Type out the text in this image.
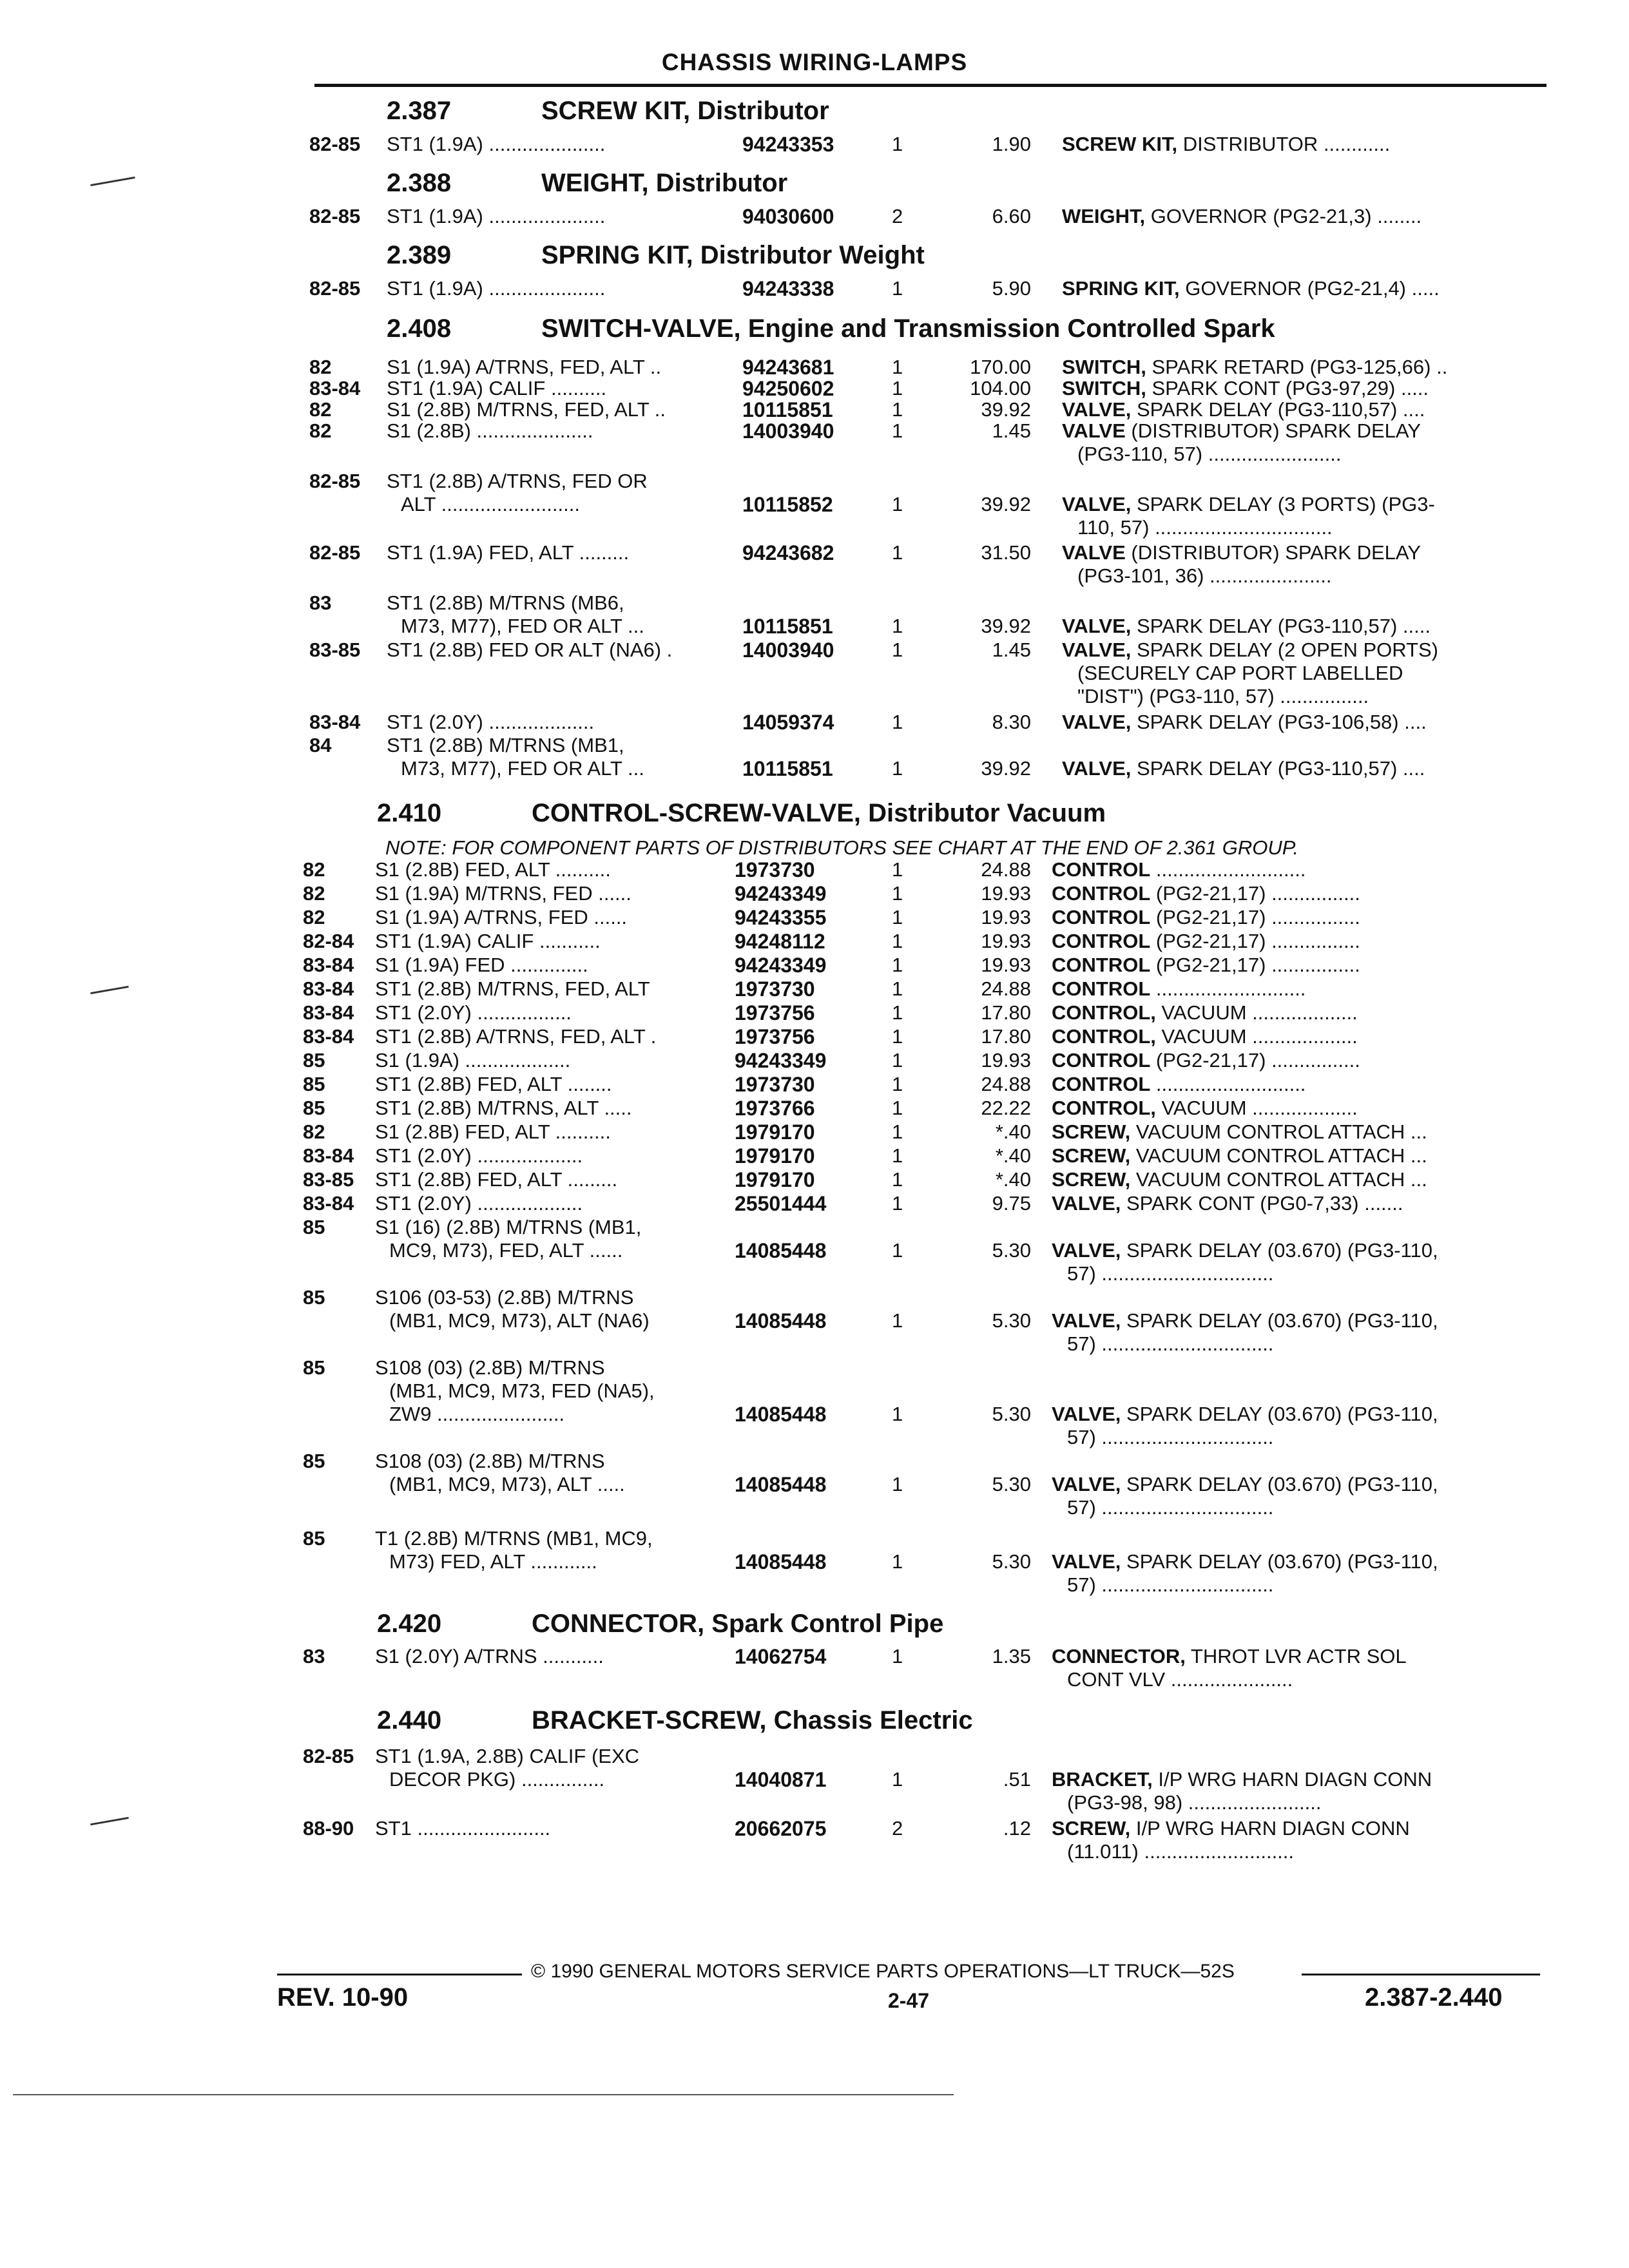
CHASSIS WIRING-LAMPS
2.387	SCREW KIT, Distributor
82-85 ST1 (1.9A) .....................	94243353	1	1.90 SCREW KIT, DISTRIBUTOR ............
2.388	WEIGHT, Distributor
82-85 ST1 (1.9A) .....................	94030600	2	6.60 WEIGHT, GOVERNOR (PG2-21,3) ........
2.389	SPRING KIT, Distributor Weight
82-85 ST1 (1.9A) .....................	94243338	1	5.90 SPRING KIT, GOVERNOR (PG2-21,4) .....
2.408	SWITCH-VALVE, Engine and Transmission Controlled Spark
82	S1 (1.9A) A/TRNS, FED, ALT ..	94243681	1	170.00 SWITCH, SPARK RETARD (PG3-125,66) ..
83-84 ST1 (1.9A) CALIF ..........	94250602	1	104.00 SWITCH, SPARK CONT (PG3-97,29) .....
82	S1 (2.8B) M/TRNS, FED, ALT ..	10115851	1	39.92 VALVE, SPARK DELAY (PG3-110,57) ....
82	S1 (2.8B) .....................	14003940	1	1.45 VALVE (DISTRIBUTOR) SPARK DELAY
(PG3-110, 57) ........................
82-85 ST1 (2.8B) A/TRNS, FED OR
ALT .........................	10115852	1	39.92 VALVE, SPARK DELAY (3 PORTS) (PG3-
110, 57) ................................
82-85 ST1 (1.9A) FED, ALT .........	94243682	1	31.50 VALVE (DISTRIBUTOR) SPARK DELAY
(PG3-101, 36) ......................
83	ST1 (2.8B) M/TRNS (MB6,
M73, M77), FED OR ALT ...	10115851	1	39.92 VALVE, SPARK DELAY (PG3-110,57) .....
83-85 ST1 (2.8B) FED OR ALT (NA6) .	14003940	1	1.45 VALVE, SPARK DELAY (2 OPEN PORTS)
(SECURELY CAP PORT LABELLED
"DIST") (PG3-110, 57) ................
83-84 ST1 (2.0Y) ...................	14059374	1	8.30 VALVE, SPARK DELAY (PG3-106,58) ....
84	ST1 (2.8B) M/TRNS (MB1,
M73, M77), FED OR ALT ...	10115851	1	39.92 VALVE, SPARK DELAY (PG3-110,57) ....
2.410	CONTROL-SCREW-VALVE, Distributor Vacuum
NOTE: FOR COMPONENT PARTS OF DISTRIBUTORS SEE CHART AT THE END OF 2.361 GROUP.
82	S1 (2.8B) FED, ALT ..........	1973730	1	24.88 CONTROL ...........................
82	S1 (1.9A) M/TRNS, FED ......	94243349	1	19.93 CONTROL (PG2-21,17) ................
82	S1 (1.9A) A/TRNS, FED ......	94243355	1	19.93 CONTROL (PG2-21,17) ................
82-84 ST1 (1.9A) CALIF ...........	94248112	1	19.93 CONTROL (PG2-21,17) ................
83-84 S1 (1.9A) FED ..............	94243349	1	19.93 CONTROL (PG2-21,17) ................
83-84 ST1 (2.8B) M/TRNS, FED, ALT	1973730	1	24.88 CONTROL ...........................
83-84 ST1 (2.0Y) .................	1973756	1	17.80 CONTROL, VACUUM ...................
83-84 ST1 (2.8B) A/TRNS, FED, ALT .	1973756	1	17.80 CONTROL, VACUUM ...................
85	S1 (1.9A) ...................	94243349	1	19.93 CONTROL (PG2-21,17) ................
85	ST1 (2.8B) FED, ALT ........	1973730	1	24.88 CONTROL ...........................
85	ST1 (2.8B) M/TRNS, ALT .....	1973766	1	22.22 CONTROL, VACUUM ...................
82	S1 (2.8B) FED, ALT ..........	1979170	1	*.40 SCREW, VACUUM CONTROL ATTACH ...
83-84 ST1 (2.0Y) ...................	1979170	1	*.40 SCREW, VACUUM CONTROL ATTACH ...
83-85 ST1 (2.8B) FED, ALT .........	1979170	1	*.40 SCREW, VACUUM CONTROL ATTACH ...
83-84 ST1 (2.0Y) ...................	25501444	1	9.75 VALVE, SPARK CONT (PG0-7,33) .......
85	S1 (16) (2.8B) M/TRNS (MB1,
MC9, M73), FED, ALT ......	14085448	1	5.30 VALVE, SPARK DELAY (03.670) (PG3-110,
57) ...............................
85	S106 (03-53) (2.8B) M/TRNS
(MB1, MC9, M73), ALT (NA6)	14085448	1	5.30 VALVE, SPARK DELAY (03.670) (PG3-110,
57) ...............................
85	S108 (03) (2.8B) M/TRNS
(MB1, MC9, M73, FED (NA5),
ZW9 .......................	14085448	1	5.30 VALVE, SPARK DELAY (03.670) (PG3-110,
57) ...............................
85	S108 (03) (2.8B) M/TRNS
(MB1, MC9, M73), ALT .....	14085448	1	5.30 VALVE, SPARK DELAY (03.670) (PG3-110,
57) ...............................
85	T1 (2.8B) M/TRNS (MB1, MC9,
M73) FED, ALT ............	14085448	1	5.30 VALVE, SPARK DELAY (03.670) (PG3-110,
57) ...............................
2.420	CONNECTOR, Spark Control Pipe
83	S1 (2.0Y) A/TRNS ...........	14062754	1	1.35 CONNECTOR, THROT LVR ACTR SOL
CONT VLV ......................
2.440	BRACKET-SCREW, Chassis Electric
82-85 ST1 (1.9A, 2.8B) CALIF (EXC
DECOR PKG) ...............	14040871	1	.51 BRACKET, I/P WRG HARN DIAGN CONN
(PG3-98, 98) ........................
88-90 ST1 ........................	20662075	2	.12 SCREW, I/P WRG HARN DIAGN CONN
(11.011) ...........................
© 1990 GENERAL MOTORS SERVICE PARTS OPERATIONS—LT TRUCK—52S
REV. 10-90	2-47	2.387-2.440
